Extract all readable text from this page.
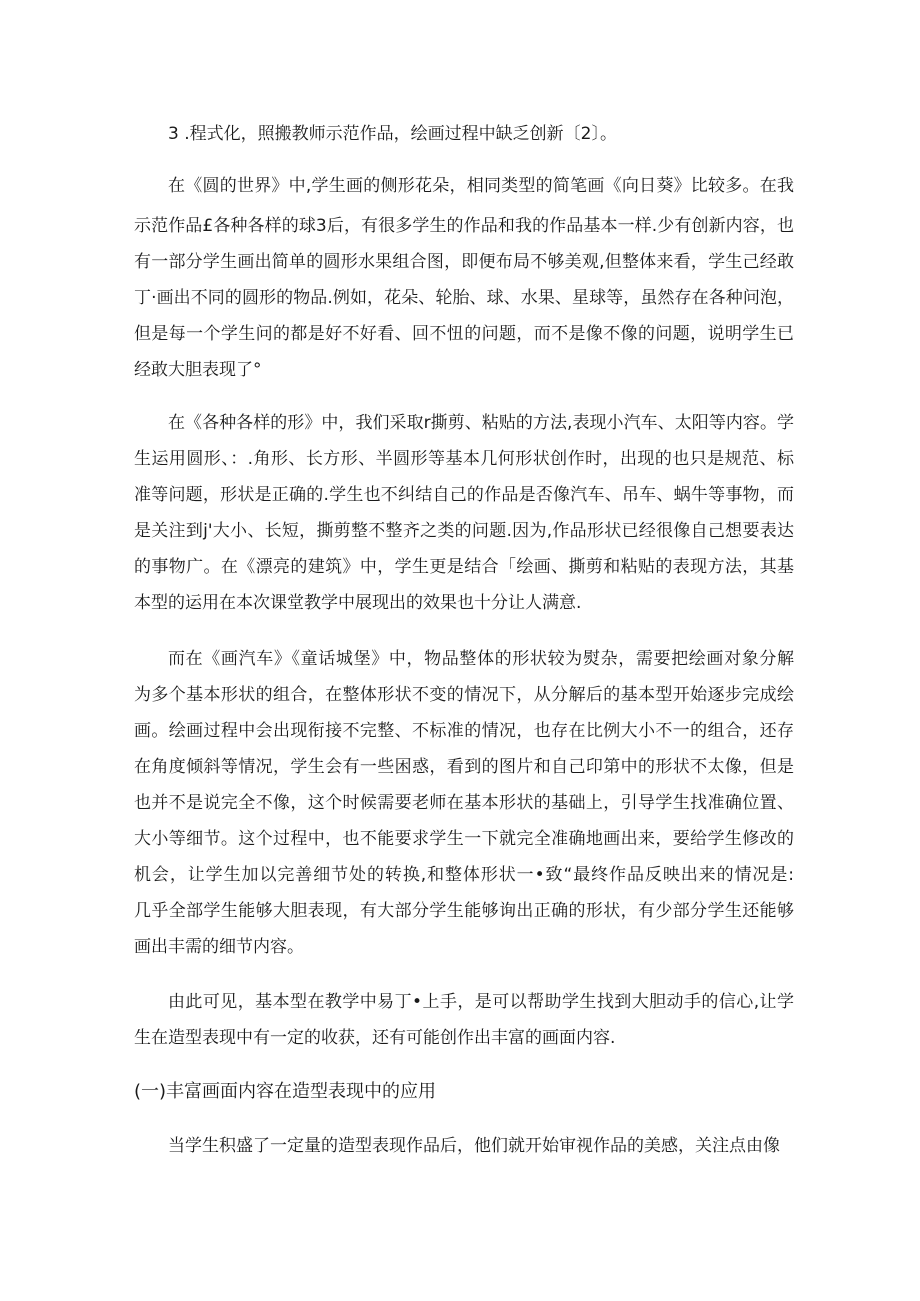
3 .程式化，照搬教师示范作品，绘画过程中缺乏创新〔2〕。

在《圆的世界》中,学生画的侧形花朵，相同类型的简笔画《向日葵》比较多。在我

示范作品£各种各样的球3后，有很多学生的作品和我的作品基本一样.少有创新内容，也

有一部分学生画出简单的圆形水果组合图，即便布局不够美观,但整体来看，学生己经敢

丁·画出不同的圆形的物品.例如，花朵、轮胎、球、水果、星球等，虽然存在各种问泡，

但是每一个学生问的都是好不好看、回不忸的问题，而不是像不像的问题，说明学生已

经敢大胆表现了°

在《各种各样的形》中，我们采取r撕剪、粘贴的方法,表现小汽车、太阳等内容。学

生运用圆形、：.角形、长方形、半圆形等基本几何形状创作时，出现的也只是规范、标

准等问题，形状是正确的.学生也不纠结自己的作品是否像汽车、吊车、蜗牛等事物，而

是关注到j'大小、长短，撕剪整不整齐之类的问题.因为,作品形状已经很像自己想要表达

的事物广。在《漂亮的建筑》中，学生更是结合「绘画、撕剪和粘贴的表现方法，其基

本型的运用在本次课堂教学中展现出的效果也十分让人满意.

而在《画汽车》《童话城堡》中，物品整体的形状较为熨杂，需要把绘画对象分解

为多个基本形状的组合，在整体形状不变的情况下，从分解后的基本型开始逐步完成绘

画。绘画过程中会出现衔接不完整、不标准的情况，也存在比例大小不一的组合，还存

在角度倾斜等情况，学生会有一些困惑，看到的图片和自己印第中的形状不太像，但是

也并不是说完全不像，这个时候需要老师在基本形状的基础上，引导学生找准确位置、

大小等细节。这个过程中，也不能要求学生一下就完全准确地画出来，要给学生修改的

机会，让学生加以完善细节处的转换,和整体形状一•致“最终作品反映出来的情况是:

几乎全部学生能够大胆表现，有大部分学生能够询出正确的形状，有少部分学生还能够

画出丰需的细节内容。

由此可见，基本型在教学中易丁•上手，是可以帮助学生找到大胆动手的信心,让学

生在造型表现中有一定的收获，还有可能创作出丰富的画面内容.

(一)丰富画面内容在造型表现中的应用

当学生积盛了一定量的造型表现作品后，他们就开始审视作品的美感，关注点由像
